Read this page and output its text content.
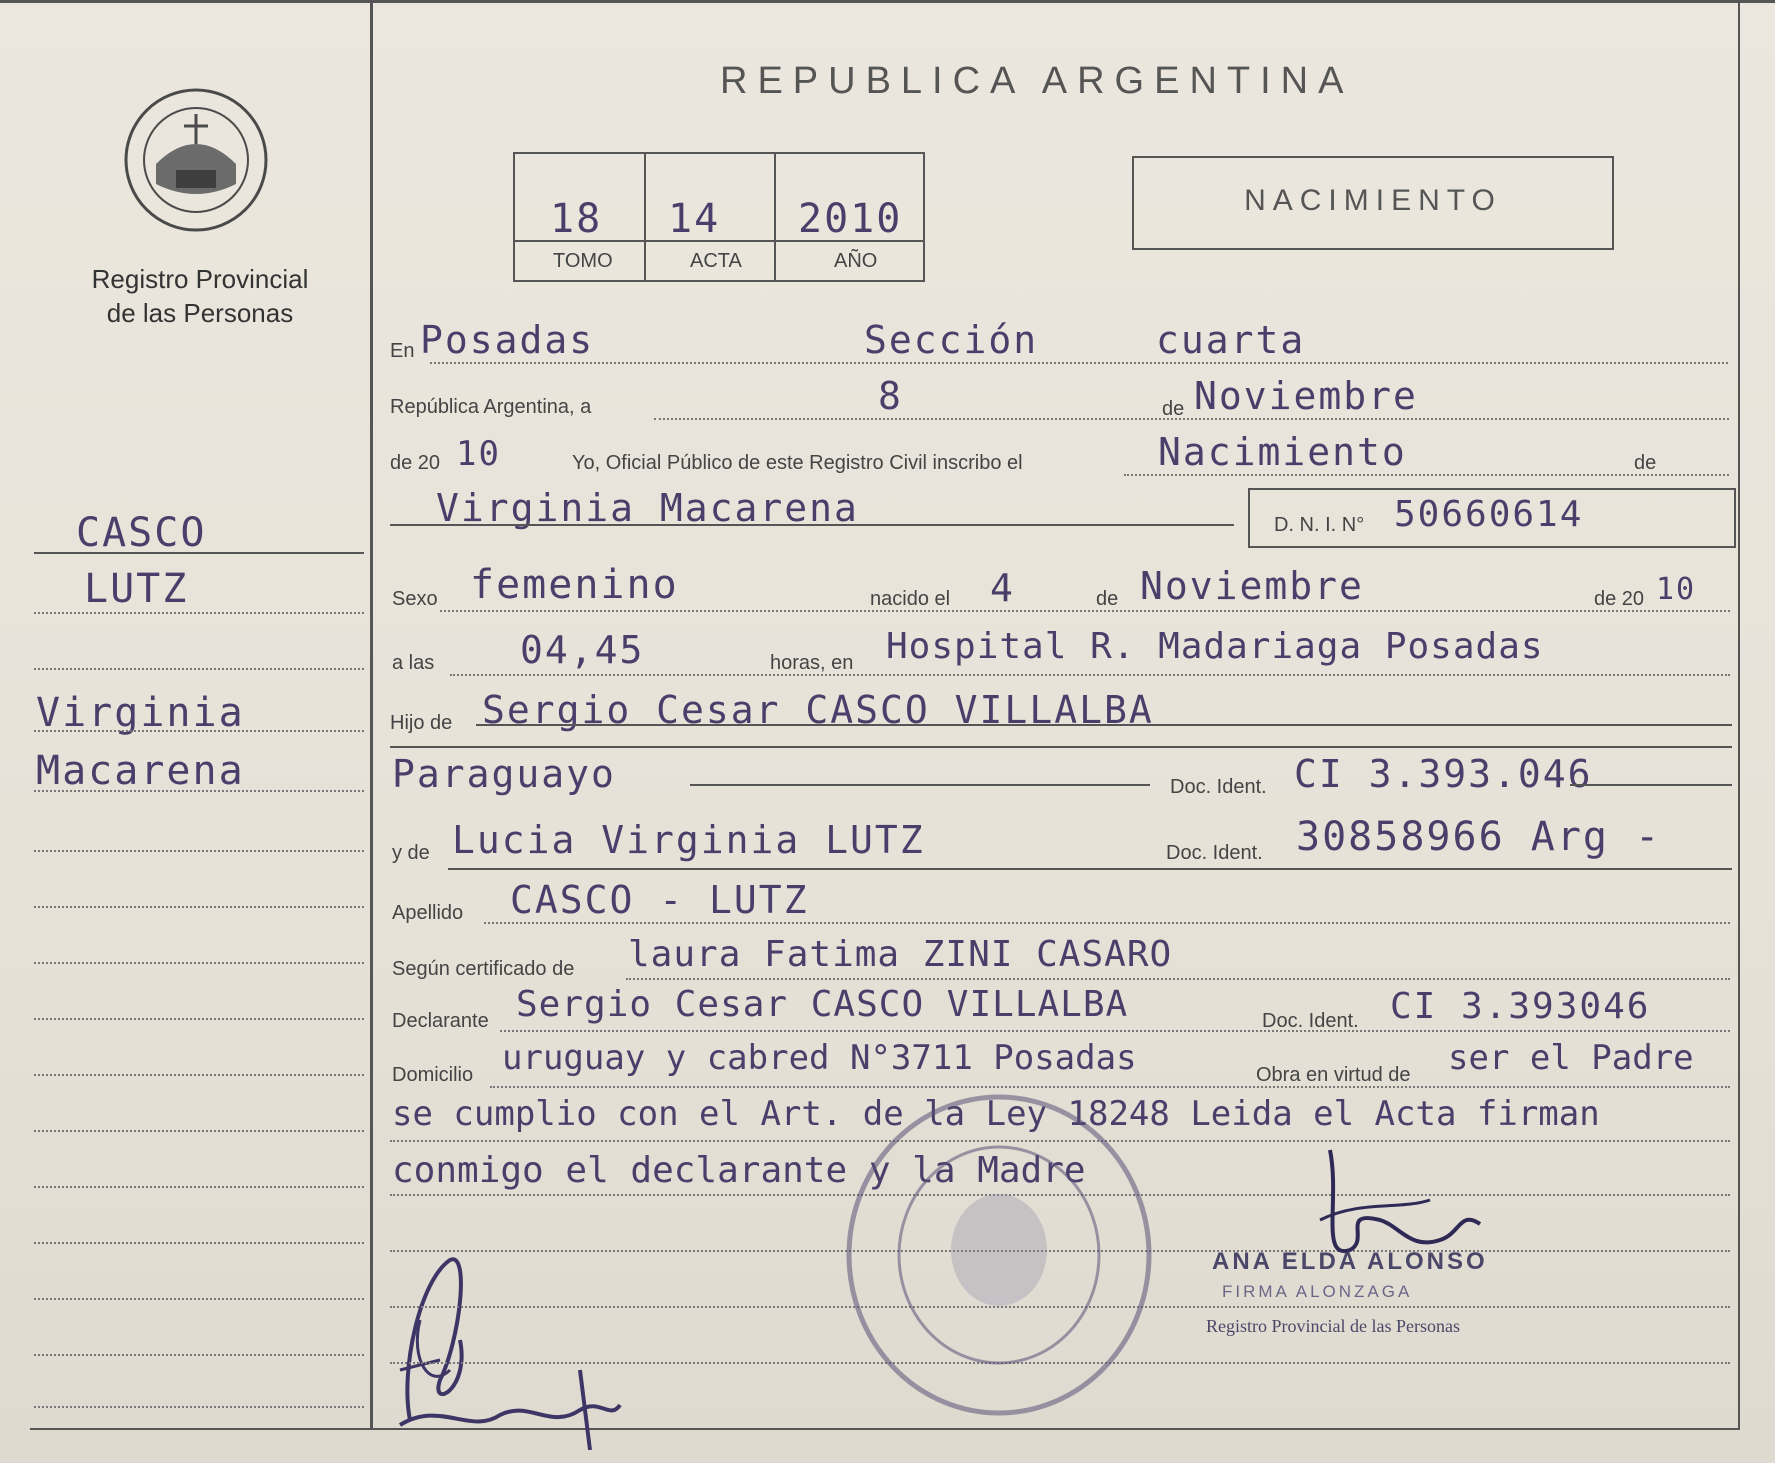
Registro Provincial
de las Personas
CASCO
LUTZ
Virginia
Macarena
REPUBLICA ARGENTINA
18 14 2010
TOMO	ACTA	AÑO
NACIMIENTO
En Posadas	Sección	cuarta
República Argentina, a	8	de Noviembre
de 20 10	Yo, Oficial Público de este Registro Civil inscribo el	Nacimiento	de
Virginia Macarena	D. N. I. N° 50660614
Sexo femenino	nacido el 4	de Noviembre	de 20 10
a las 04,45	horas, en Hospital R. Madariaga Posadas
Hijo de Sergio Cesar CASCO VILLALBA
Paraguayo	Doc. Ident. CI 3.393.046
y de Lucia Virginia LUTZ	Doc. Ident. 30858966 Arg -
Apellido CASCO - LUTZ
Según certificado de laura Fatima ZINI CASARO
Declarante Sergio Cesar CASCO VILLALBA	Doc. Ident. CI 3.393046
Domicilio uruguay y cabred N°3711 Posadas	Obra en virtud de ser el Padre
se cumplio con el Art. de la Ley 18248 Leida el Acta firman
conmigo el declarante y la Madre
ANA ELDA ALONSO
FIRMA ALONZAGA
Registro Provincial de las Personas
